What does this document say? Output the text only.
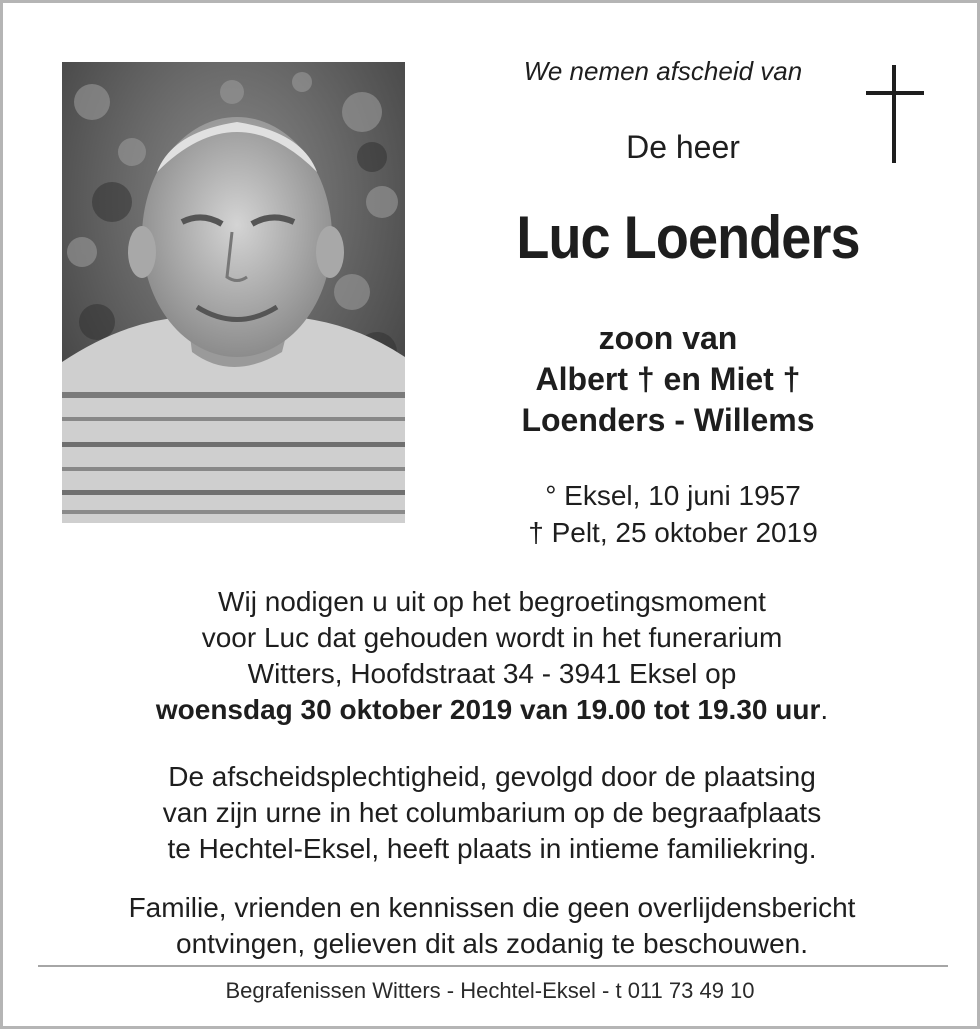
We nemen afscheid van
De heer
Luc Loenders
zoon van
Albert † en Miet †
Loenders - Willems
° Eksel, 10 juni 1957
† Pelt, 25 oktober 2019
Wij nodigen u uit op het begroetingsmoment
voor Luc dat gehouden wordt in het funerarium
Witters, Hoofdstraat 34 - 3941 Eksel op
woensdag 30 oktober 2019 van 19.00 tot 19.30 uur.
De afscheidsplechtigheid, gevolgd door de plaatsing
van zijn urne in het columbarium op de begraafplaats
te Hechtel-Eksel, heeft plaats in intieme familiekring.
Familie, vrienden en kennissen die geen overlijdensbericht
ontvingen, gelieven dit als zodanig te beschouwen.
Begrafenissen Witters - Hechtel-Eksel - t 011 73 49 10
